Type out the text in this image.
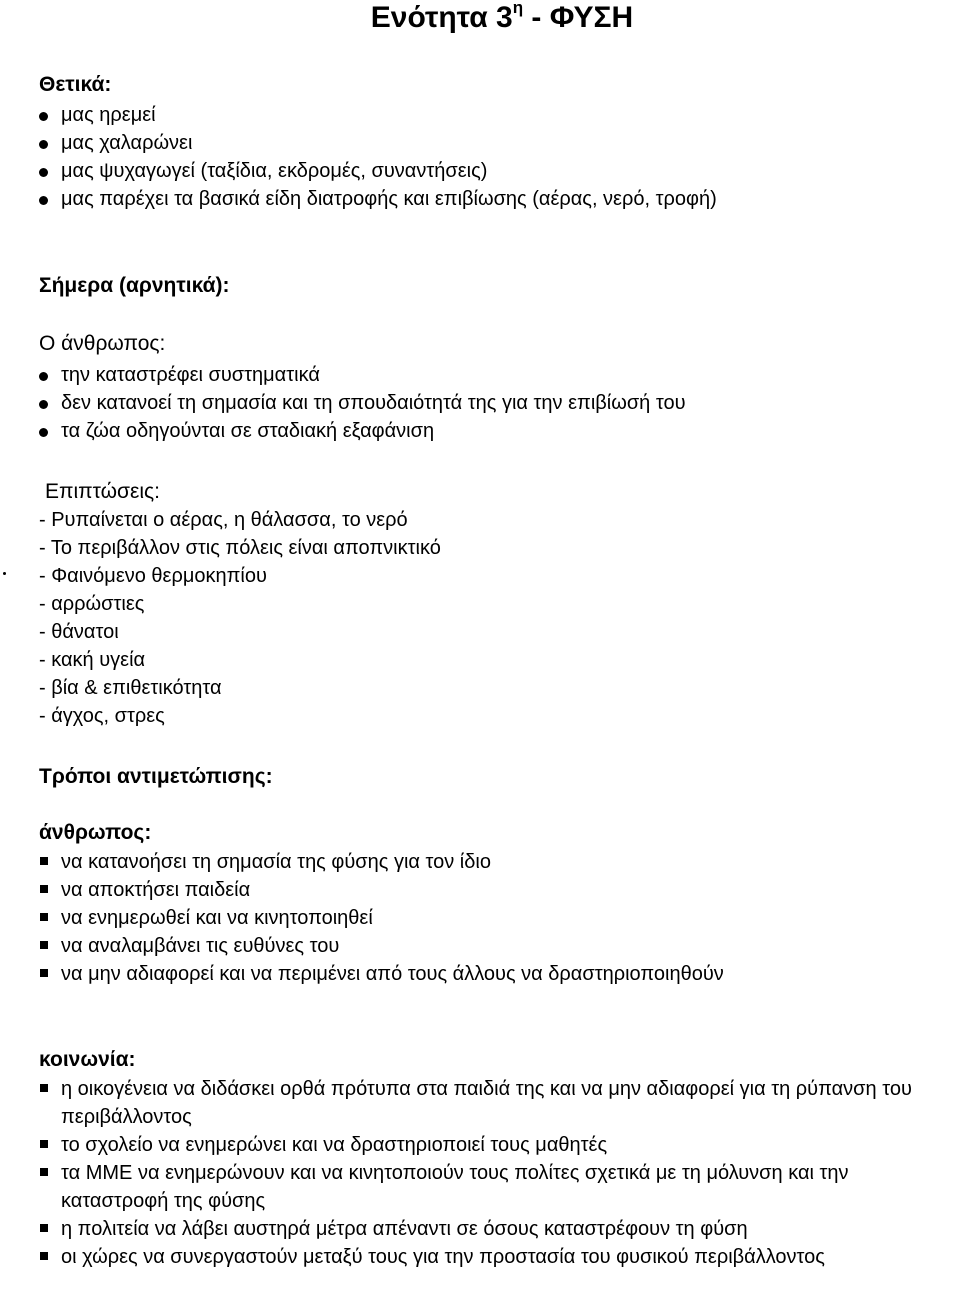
Ενότητα $3^\eta$ - ΦΥΣΗ
Θετικά:
μας ηρεμεί
μας χαλαρώνει
μας ψυχαγωγεί (ταξίδια, εκδρομές, συναντήσεις)
μας παρέχει τα βασικά είδη διατροφής και επιβίωσης (αέρας, νερό, τροφή)
Σήμερα (αρνητικά):
Ο άνθρωπος:
την καταστρέφει συστηματικά
δεν κατανοεί τη σημασία και τη σπουδαιότητά της για την επιβίωσή του
τα ζώα οδηγούνται σε σταδιακή εξαφάνιση
Επιπτώσεις:
- Ρυπαίνεται ο αέρας, η θάλασσα, το νερό
- Το περιβάλλον στις πόλεις είναι αποπνικτικό
- Φαινόμενο θερμοκηπίου
- αρρώστιες
- θάνατοι
- κακή υγεία
- βία & επιθετικότητα
- άγχος, στρες
Τρόποι αντιμετώπισης:
άνθρωπος:
να κατανοήσει τη σημασία της φύσης για τον ίδιο
να αποκτήσει παιδεία
να ενημερωθεί και να κινητοποιηθεί
να αναλαμβάνει τις ευθύνες του
να μην αδιαφορεί και να περιμένει από τους άλλους να δραστηριοποιηθούν
κοινωνία:
η οικογένεια να διδάσκει ορθά πρότυπα στα παιδιά της και να μην αδιαφορεί για τη ρύπανση του περιβάλλοντος
το σχολείο να ενημερώνει και να δραστηριοποιεί τους μαθητές
τα ΜΜΕ να ενημερώνουν και να κινητοποιούν τους πολίτες σχετικά με τη μόλυνση και την καταστροφή της φύσης
η πολιτεία να λάβει αυστηρά μέτρα απέναντι σε όσους καταστρέφουν τη φύση
οι χώρες να συνεργαστούν μεταξύ τους για την προστασία του φυσικού περιβάλλοντος
